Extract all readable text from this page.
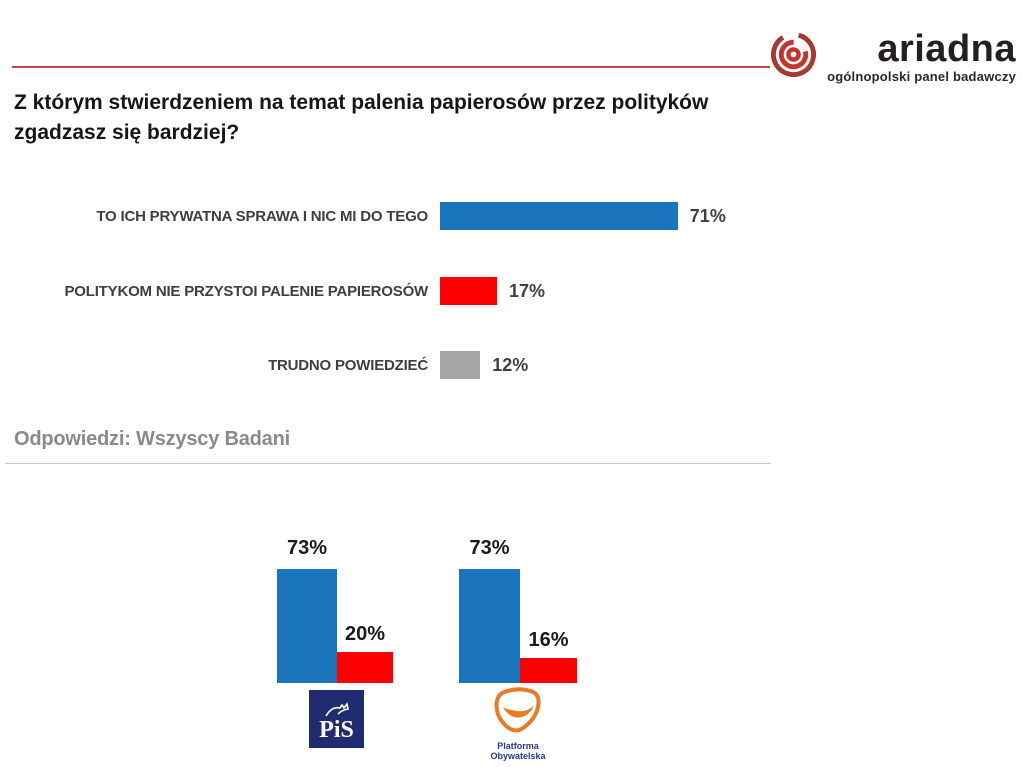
ariadna
ogólnopolski panel badawczy
Z którym stwierdzeniem na temat palenia papierosów przez polityków
zgadzasz się bardziej?
TO ICH PRYWATNA SPRAWA I NIC MI DO TEGO	71%
POLITYKOM NIE PRZYSTOI PALENIE PAPIEROSÓW	17%
TRUDNO POWIEDZIEĆ	12%
Odpowiedzi: Wszyscy Badani
73%
20%
73%
16%
PiS
Platforma
Obywatelska
